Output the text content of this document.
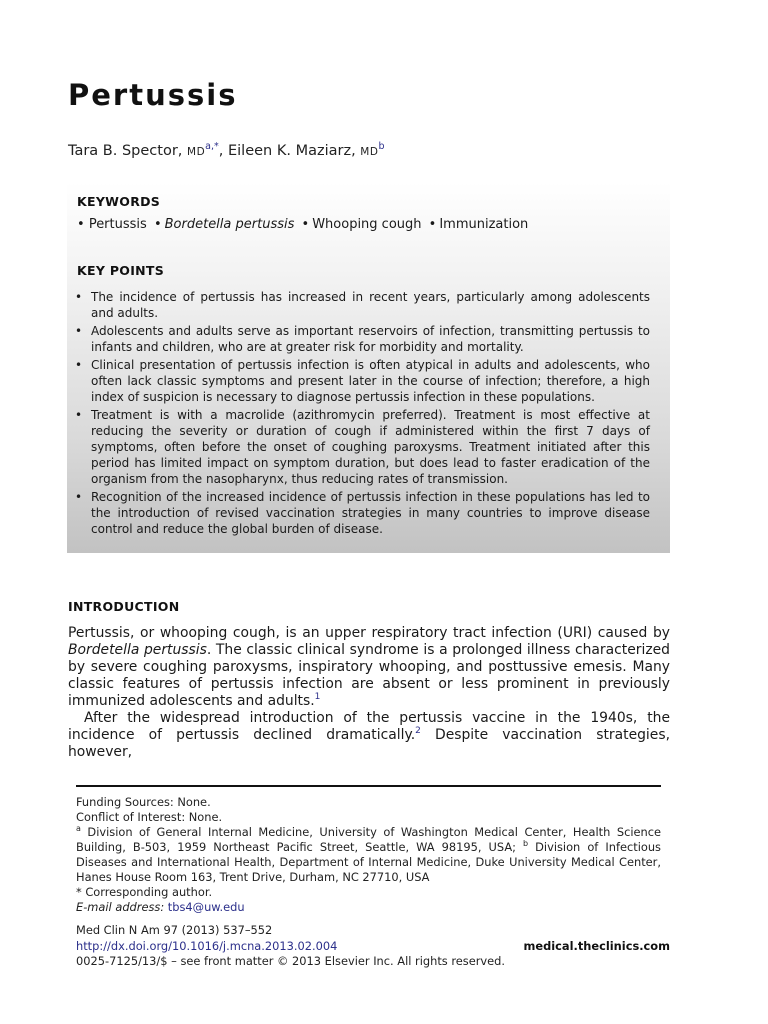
Pertussis
Tara B. Spector, MD$^{a,*}$, Eileen K. Maziarz, MD$^b$
KEYWORDS
• Pertussis • Bordetella pertussis • Whooping cough • Immunization
KEY POINTS
• The incidence of pertussis has increased in recent years, particularly among adolescents and adults.
• Adolescents and adults serve as important reservoirs of infection, transmitting pertussis to infants and children, who are at greater risk for morbidity and mortality.
• Clinical presentation of pertussis infection is often atypical in adults and adolescents, who often lack classic symptoms and present later in the course of infection; therefore, a high index of suspicion is necessary to diagnose pertussis infection in these populations.
• Treatment is with a macrolide (azithromycin preferred). Treatment is most effective at reducing the severity or duration of cough if administered within the first 7 days of symptoms, often before the onset of coughing paroxysms. Treatment initiated after this period has limited impact on symptom duration, but does lead to faster eradication of the organism from the nasopharynx, thus reducing rates of transmission.
• Recognition of the increased incidence of pertussis infection in these populations has led to the introduction of revised vaccination strategies in many countries to improve disease control and reduce the global burden of disease.
INTRODUCTION

Pertussis, or whooping cough, is an upper respiratory tract infection (URI) caused by Bordetella pertussis. The classic clinical syndrome is a prolonged illness characterized by severe coughing paroxysms, inspiratory whooping, and posttussive emesis. Many classic features of pertussis infection are absent or less prominent in previously immunized adolescents and adults.$^1$

After the widespread introduction of the pertussis vaccine in the 1940s, the incidence of pertussis declined dramatically.$^2$ Despite vaccination strategies, however,

Funding Sources: None.

Conflict of Interest: None.

$^a$ Division of General Internal Medicine, University of Washington Medical Center, Health Science Building, B-503, 1959 Northeast Pacific Street, Seattle, WA 98195, USA; $^b$ Division of Infectious Diseases and International Health, Department of Internal Medicine, Duke University Medical Center, Hanes House Room 163, Trent Drive, Durham, NC 27710, USA

* Corresponding author.

E-mail address: tbs4@uw.edu

Med Clin N Am 97 (2013) 537–552
http://dx.doi.org/10.1016/j.mcna.2013.02.004	medical.theclinics.com
0025-7125/13/$ – see front matter © 2013 Elsevier Inc. All rights reserved.
